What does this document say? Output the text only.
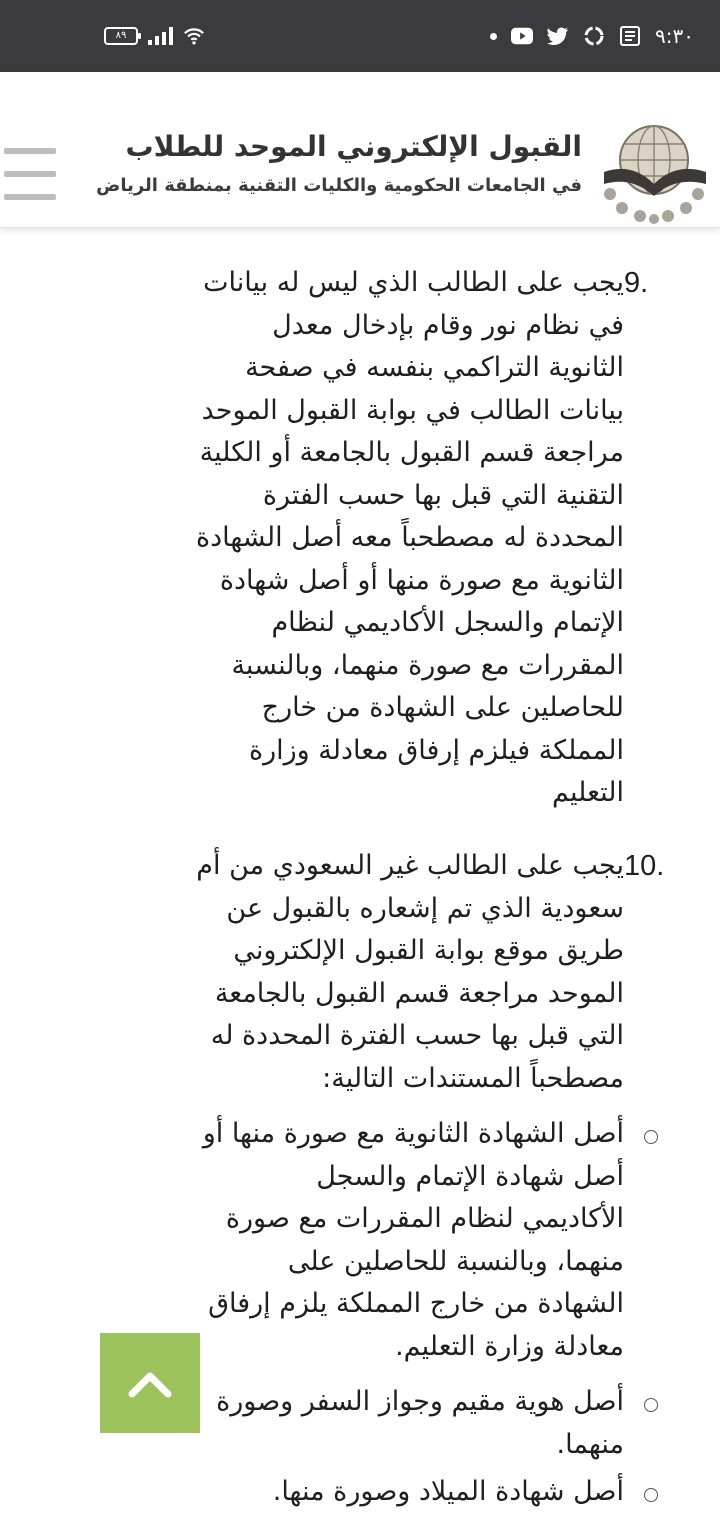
٨٩	٩:٣٠
القبول الإلكتروني الموحد للطلاب
في الجامعات الحكومية والكليات التقنية بمنطقة الرياض
9.
يجب على الطالب الذي ليس له بيانات
في نظام نور وقام بإدخال معدل
الثانوية التراكمي بنفسه في صفحة
بيانات الطالب في بوابة القبول الموحد
مراجعة قسم القبول بالجامعة أو الكلية
التقنية التي قبل بها حسب الفترة
المحددة له مصطحباً معه أصل الشهادة
الثانوية مع صورة منها أو أصل شهادة
الإتمام والسجل الأكاديمي لنظام
المقررات مع صورة منهما، وبالنسبة
للحاصلين على الشهادة من خارج
المملكة فيلزم إرفاق معادلة وزارة
التعليم
10.
يجب على الطالب غير السعودي من أم
سعودية الذي تم إشعاره بالقبول عن
طريق موقع بوابة القبول الإلكتروني
الموحد مراجعة قسم القبول بالجامعة
التي قبل بها حسب الفترة المحددة له
مصطحباً المستندات التالية:
أصل الشهادة الثانوية مع صورة منها أو
أصل شهادة الإتمام والسجل
الأكاديمي لنظام المقررات مع صورة
منهما، وبالنسبة للحاصلين على
الشهادة من خارج المملكة يلزم إرفاق
معادلة وزارة التعليم.
أصل هوية مقيم وجواز السفر وصورة
منهما.
أصل شهادة الميلاد وصورة منها.
